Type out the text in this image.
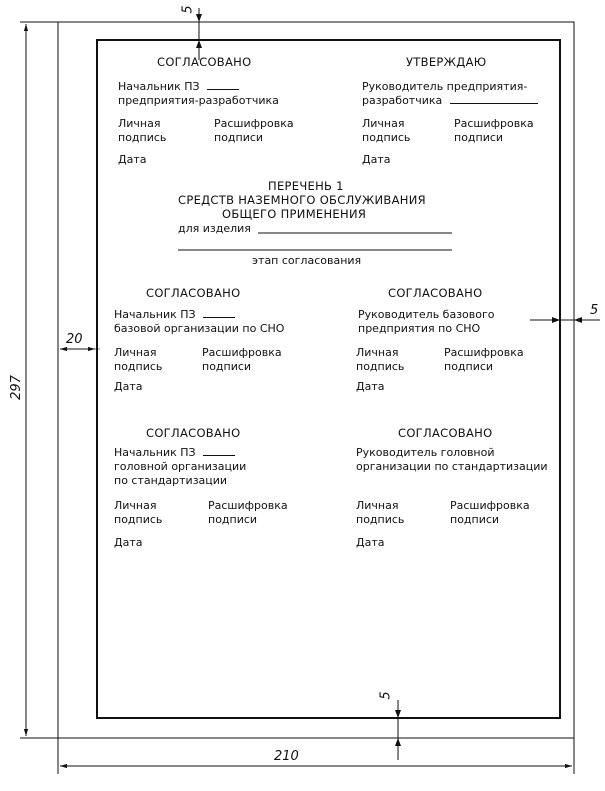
297
210
20
5
5
5
СОГЛАСОВАНО
Начальник ПЗ
предприятия-разработчика
Личная
подпись
Расшифровка
подписи
Дата
УТВЕРЖДАЮ
Руководитель предприятия-
разработчика
Личная
подпись
Расшифровка
подписи
Дата
ПЕРЕЧЕНЬ 1
СРЕДСТВ НАЗЕМНОГО ОБСЛУЖИВАНИЯ
ОБЩЕГО ПРИМЕНЕНИЯ
для изделия
этап согласования
СОГЛАСОВАНО
Начальник ПЗ
базовой организации по СНО
Личная
подпись
Расшифровка
подписи
Дата
СОГЛАСОВАНО
Руководитель базового
предприятия по СНО
Личная
подпись
Расшифровка
подписи
Дата
СОГЛАСОВАНО
Начальник ПЗ
головной организации
по стандартизации
Личная
подпись
Расшифровка
подписи
Дата
СОГЛАСОВАНО
Руководитель головной
организации по стандартизации
Личная
подпись
Расшифровка
подписи
Дата
